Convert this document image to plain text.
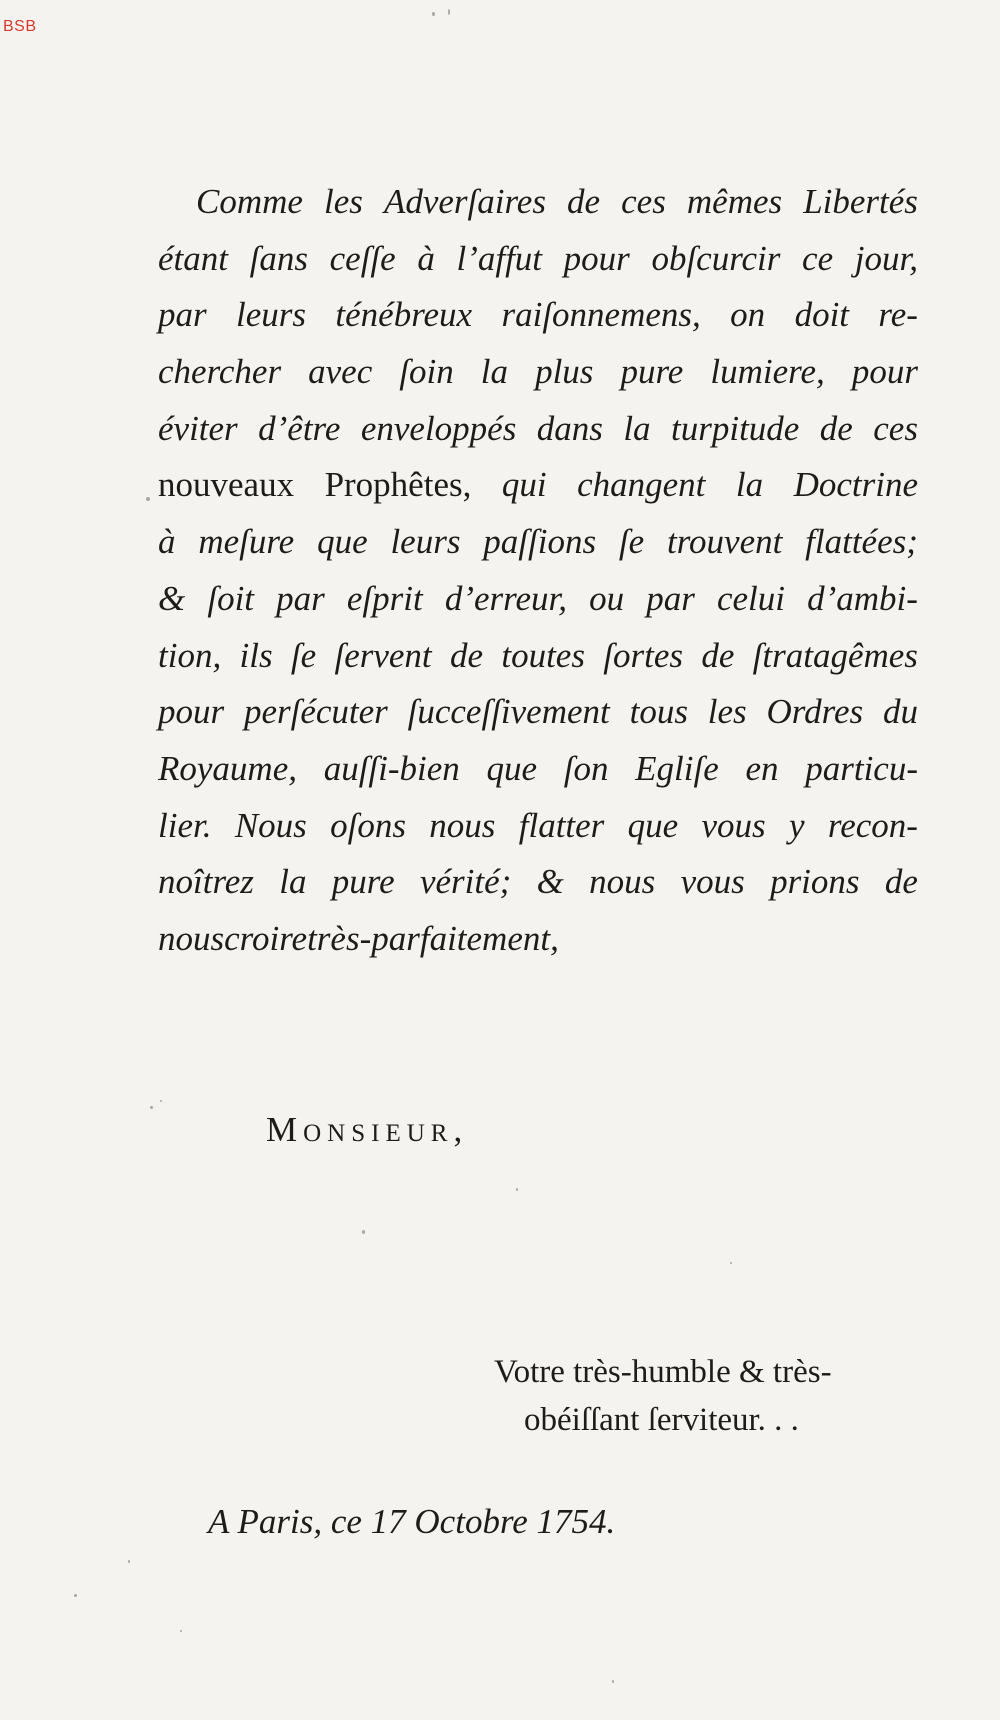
BSB
Comme les Adverſaires de ces mêmes Libertés
étant ſans ceſſe à l’affut pour obſcurcir ce jour,
par leurs ténébreux raiſonnemens, on doit re-
chercher avec ſoin la plus pure lumiere, pour
éviter d’être enveloppés dans la turpitude de ces
nouveaux Prophêtes, qui changent la Doctrine
à meſure que leurs paſſions ſe trouvent flattées;
& ſoit par eſprit d’erreur, ou par celui d’ambi-
tion, ils ſe ſervent de toutes ſortes de ſtratagêmes
pour perſécuter ſucceſſivement tous les Ordres du
Royaume, auſſi-bien que ſon Egliſe en particu-
lier. Nous oſons nous flatter que vous y recon-
noîtrez la pure vérité; & nous vous prions de
nous croire très-parfaitement,
Monsieur,
Votre très-humble & très-
obéiſſant ſerviteur. . .
A Paris, ce 17 Octobre 1754.
